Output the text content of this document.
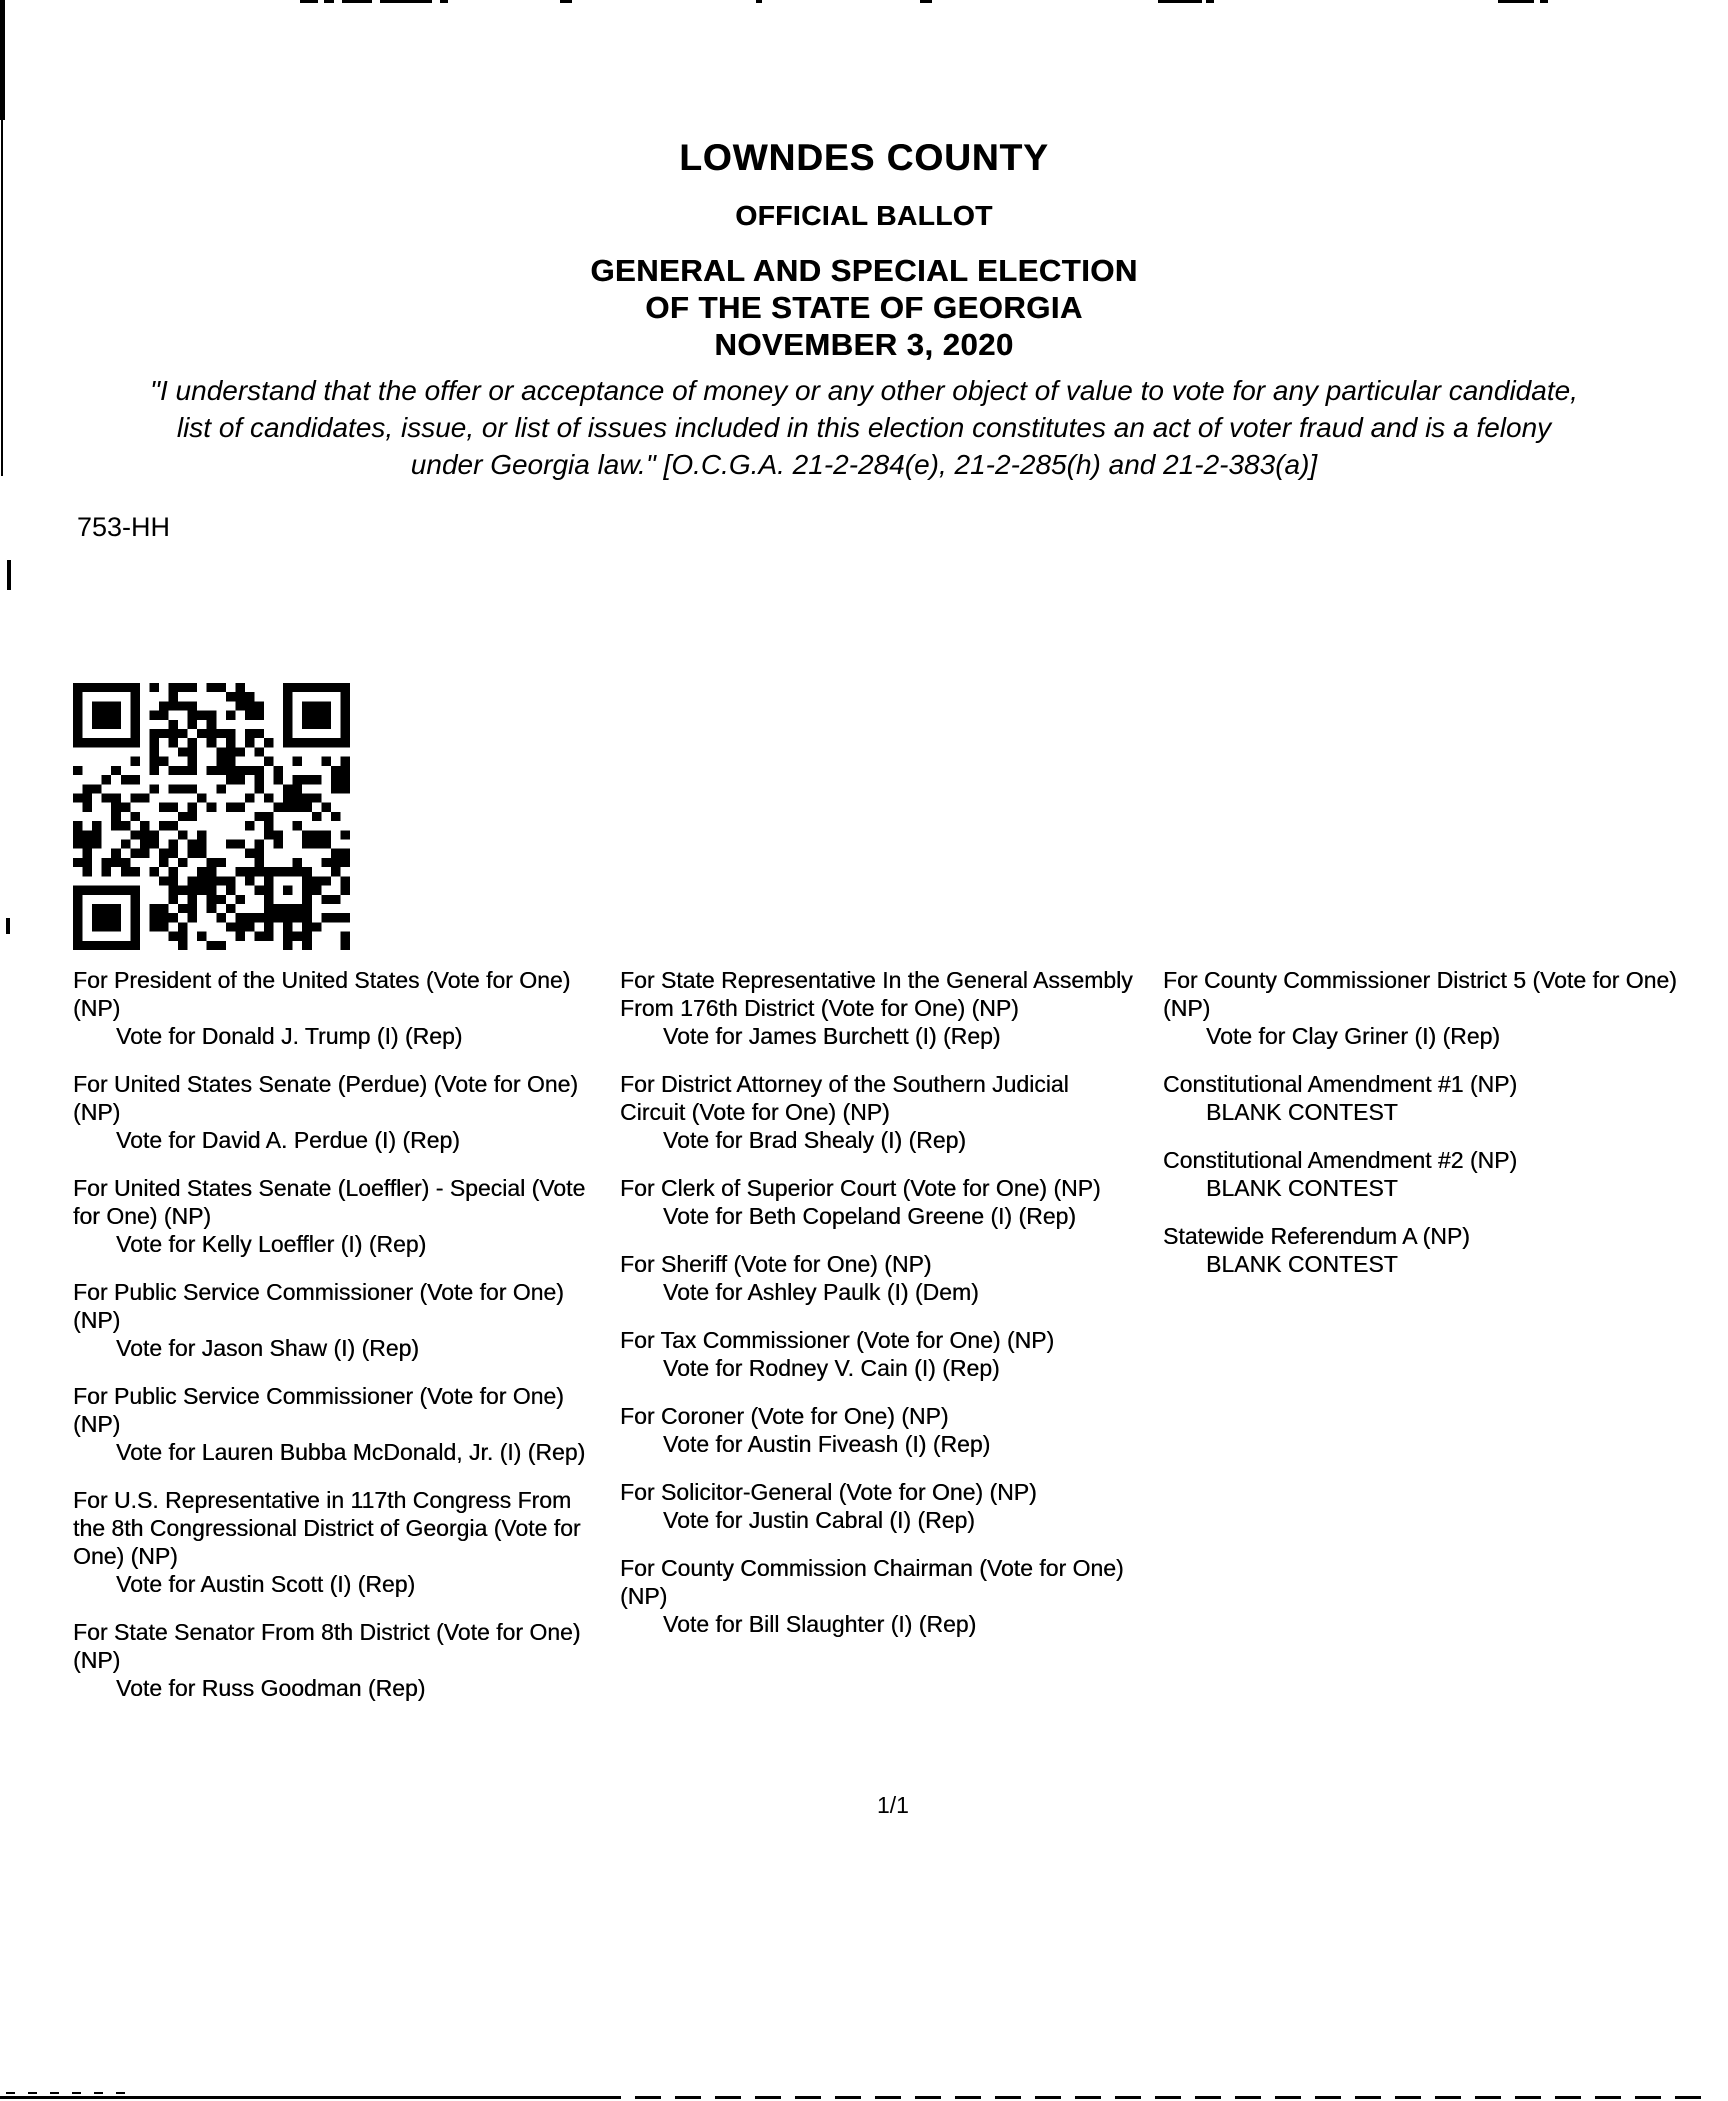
LOWNDES COUNTY
OFFICIAL BALLOT
GENERAL AND SPECIAL ELECTION
OF THE STATE OF GEORGIA
NOVEMBER 3, 2020
"I understand that the offer or acceptance of money or any other object of value to vote for any particular candidate,
list of candidates, issue, or list of issues included in this election constitutes an act of voter fraud and is a felony
under Georgia law." [O.C.G.A. 21-2-284(e), 21-2-285(h) and 21-2-383(a)]
753-HH
For President of the United States (Vote for One) (NP)
Vote for Donald J. Trump (I) (Rep)
For United States Senate (Perdue) (Vote for One) (NP)
Vote for David A. Perdue (I) (Rep)
For United States Senate (Loeffler) - Special (Vote for One) (NP)
Vote for Kelly Loeffler (I) (Rep)
For Public Service Commissioner (Vote for One) (NP)
Vote for Jason Shaw (I) (Rep)
For Public Service Commissioner (Vote for One) (NP)
Vote for Lauren Bubba McDonald, Jr. (I) (Rep)
For U.S. Representative in 117th Congress From the 8th Congressional District of Georgia (Vote for One) (NP)
Vote for Austin Scott (I) (Rep)
For State Senator From 8th District (Vote for One) (NP)
Vote for Russ Goodman (Rep)
For State Representative In the General Assembly From 176th District (Vote for One) (NP)
Vote for James Burchett (I) (Rep)
For District Attorney of the Southern Judicial Circuit (Vote for One) (NP)
Vote for Brad Shealy (I) (Rep)
For Clerk of Superior Court (Vote for One) (NP)
Vote for Beth Copeland Greene (I) (Rep)
For Sheriff (Vote for One) (NP)
Vote for Ashley Paulk (I) (Dem)
For Tax Commissioner (Vote for One) (NP)
Vote for Rodney V. Cain (I) (Rep)
For Coroner (Vote for One) (NP)
Vote for Austin Fiveash (I) (Rep)
For Solicitor-General (Vote for One) (NP)
Vote for Justin Cabral (I) (Rep)
For County Commission Chairman (Vote for One) (NP)
Vote for Bill Slaughter (I) (Rep)
For County Commissioner District 5 (Vote for One) (NP)
Vote for Clay Griner (I) (Rep)
Constitutional Amendment #1 (NP)
BLANK CONTEST
Constitutional Amendment #2 (NP)
BLANK CONTEST
Statewide Referendum A (NP)
BLANK CONTEST
1/1
